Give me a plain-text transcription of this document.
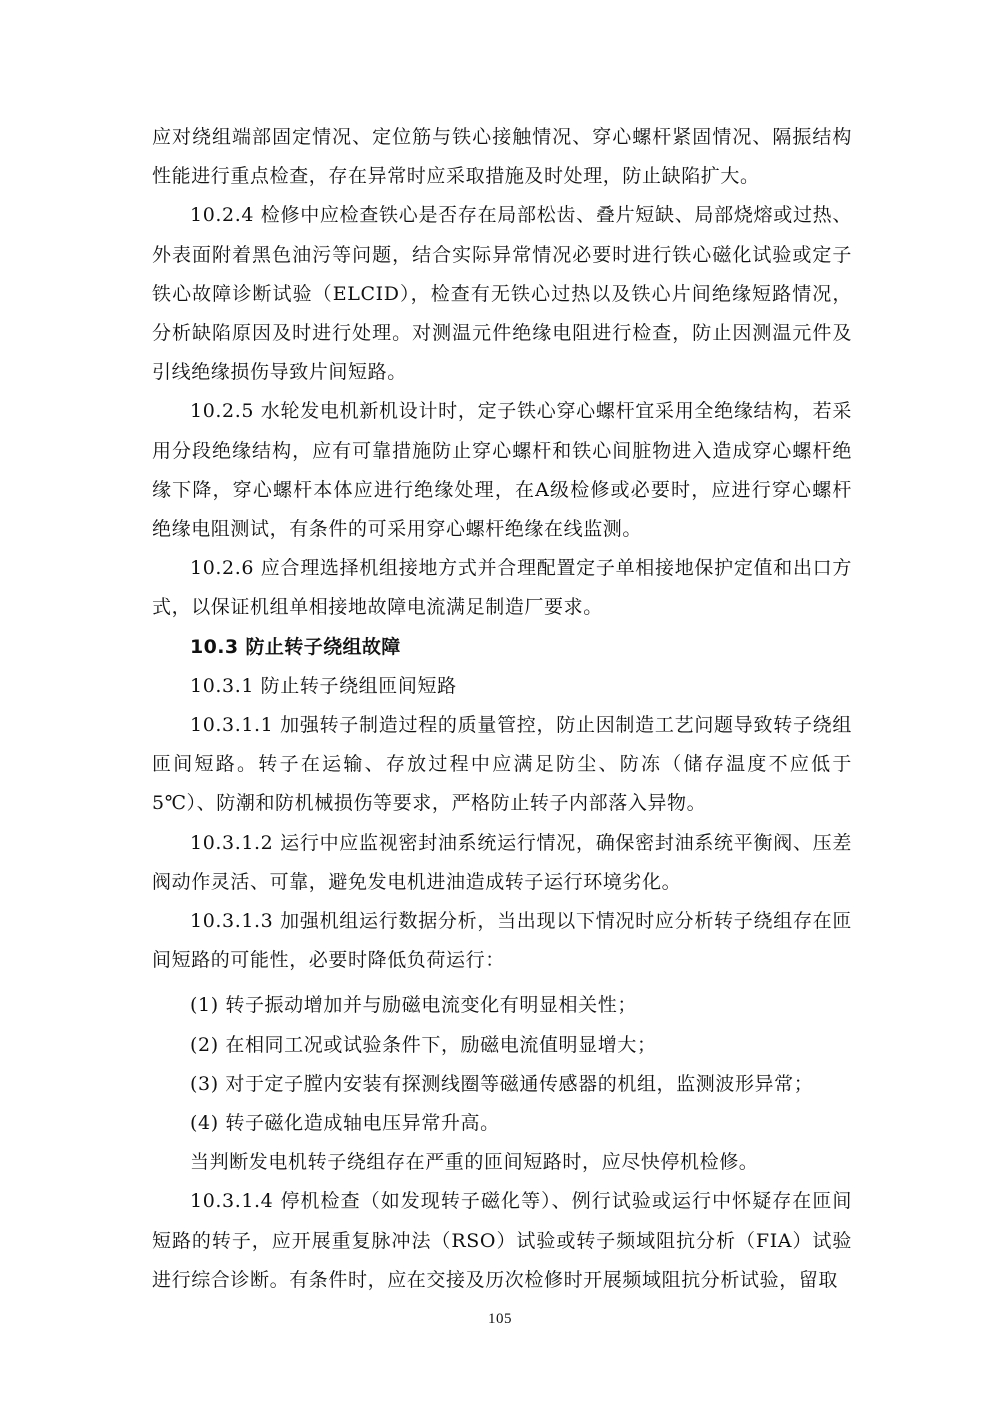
应对绕组端部固定情况、定位筋与铁心接触情况、穿心螺杆紧固情况、隔振结构性能进行重点检查，存在异常时应采取措施及时处理，防止缺陷扩大。

10.2.4 检修中应检查铁心是否存在局部松齿、叠片短缺、局部烧熔或过热、外表面附着黑色油污等问题，结合实际异常情况必要时进行铁心磁化试验或定子铁心故障诊断试验（ELCID），检查有无铁心过热以及铁心片间绝缘短路情况，分析缺陷原因及时进行处理。对测温元件绝缘电阻进行检查，防止因测温元件及引线绝缘损伤导致片间短路。

10.2.5 水轮发电机新机设计时，定子铁心穿心螺杆宜采用全绝缘结构，若采用分段绝缘结构，应有可靠措施防止穿心螺杆和铁心间脏物进入造成穿心螺杆绝缘下降，穿心螺杆本体应进行绝缘处理，在A级检修或必要时，应进行穿心螺杆绝缘电阻测试，有条件的可采用穿心螺杆绝缘在线监测。

10.2.6 应合理选择机组接地方式并合理配置定子单相接地保护定值和出口方式，以保证机组单相接地故障电流满足制造厂要求。

10.3 防止转子绕组故障

10.3.1 防止转子绕组匝间短路

10.3.1.1 加强转子制造过程的质量管控，防止因制造工艺问题导致转子绕组匝间短路。转子在运输、存放过程中应满足防尘、防冻（储存温度不应低于5℃）、防潮和防机械损伤等要求，严格防止转子内部落入异物。

10.3.1.2 运行中应监视密封油系统运行情况，确保密封油系统平衡阀、压差阀动作灵活、可靠，避免发电机进油造成转子运行环境劣化。

10.3.1.3 加强机组运行数据分析，当出现以下情况时应分析转子绕组存在匝间短路的可能性，必要时降低负荷运行：

(1) 转子振动增加并与励磁电流变化有明显相关性；

(2) 在相同工况或试验条件下，励磁电流值明显增大；

(3) 对于定子膛内安装有探测线圈等磁通传感器的机组，监测波形异常；

(4) 转子磁化造成轴电压异常升高。

当判断发电机转子绕组存在严重的匝间短路时，应尽快停机检修。

10.3.1.4 停机检查（如发现转子磁化等）、例行试验或运行中怀疑存在匝间短路的转子，应开展重复脉冲法（RSO）试验或转子频域阻抗分析（FIA）试验进行综合诊断。有条件时，应在交接及历次检修时开展频域阻抗分析试验，留取

105
